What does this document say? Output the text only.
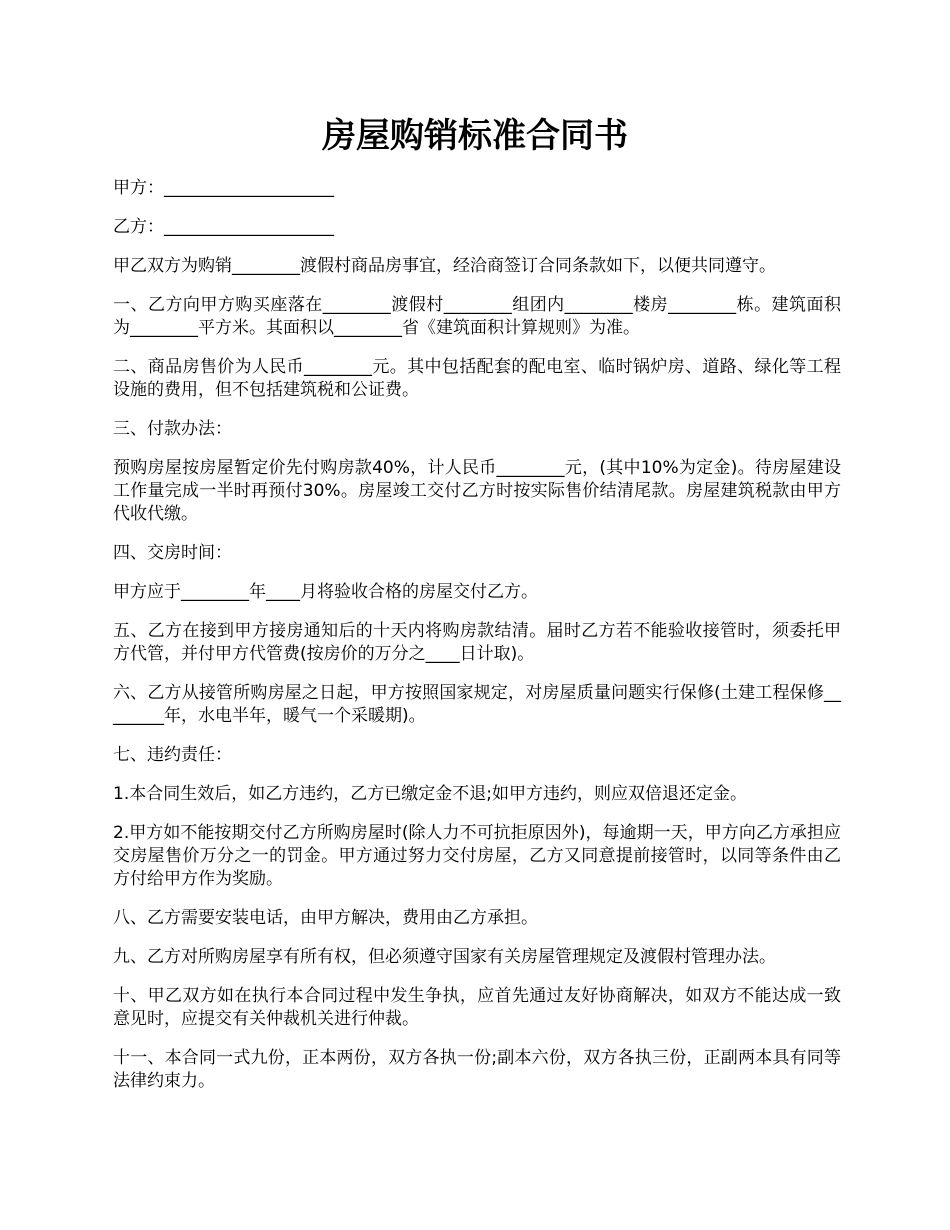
房屋购销标准合同书

甲方：____________________

乙方：____________________

甲乙双方为购销________渡假村商品房事宜，经洽商签订合同条款如下，以便共同遵守。

一、乙方向甲方购买座落在________渡假村________组团内________楼房________栋。建筑面积为________平方米。其面积以________省《建筑面积计算规则》为准。

二、商品房售价为人民币________元。其中包括配套的配电室、临时锅炉房、道路、绿化等工程设施的费用，但不包括建筑税和公证费。

三、付款办法：

预购房屋按房屋暂定价先付购房款40%，计人民币________元，(其中10%为定金)。待房屋建设工作量完成一半时再预付30%。房屋竣工交付乙方时按实际售价结清尾款。房屋建筑税款由甲方代收代缴。

四、交房时间：

甲方应于________年____月将验收合格的房屋交付乙方。

五、乙方在接到甲方接房通知后的十天内将购房款结清。届时乙方若不能验收接管时，须委托甲方代管，并付甲方代管费(按房价的万分之____日计取)。

六、乙方从接管所购房屋之日起，甲方按照国家规定，对房屋质量问题实行保修(土建工程保修________年，水电半年，暖气一个采暖期)。

七、违约责任：

1.本合同生效后，如乙方违约，乙方已缴定金不退;如甲方违约，则应双倍退还定金。

2.甲方如不能按期交付乙方所购房屋时(除人力不可抗拒原因外)，每逾期一天，甲方向乙方承担应交房屋售价万分之一的罚金。甲方通过努力交付房屋，乙方又同意提前接管时，以同等条件由乙方付给甲方作为奖励。

八、乙方需要安装电话，由甲方解决，费用由乙方承担。

九、乙方对所购房屋享有所有权，但必须遵守国家有关房屋管理规定及渡假村管理办法。

十、甲乙双方如在执行本合同过程中发生争执，应首先通过友好协商解决，如双方不能达成一致意见时，应提交有关仲裁机关进行仲裁。

十一、本合同一式九份，正本两份，双方各执一份;副本六份，双方各执三份，正副两本具有同等法律约束力。
